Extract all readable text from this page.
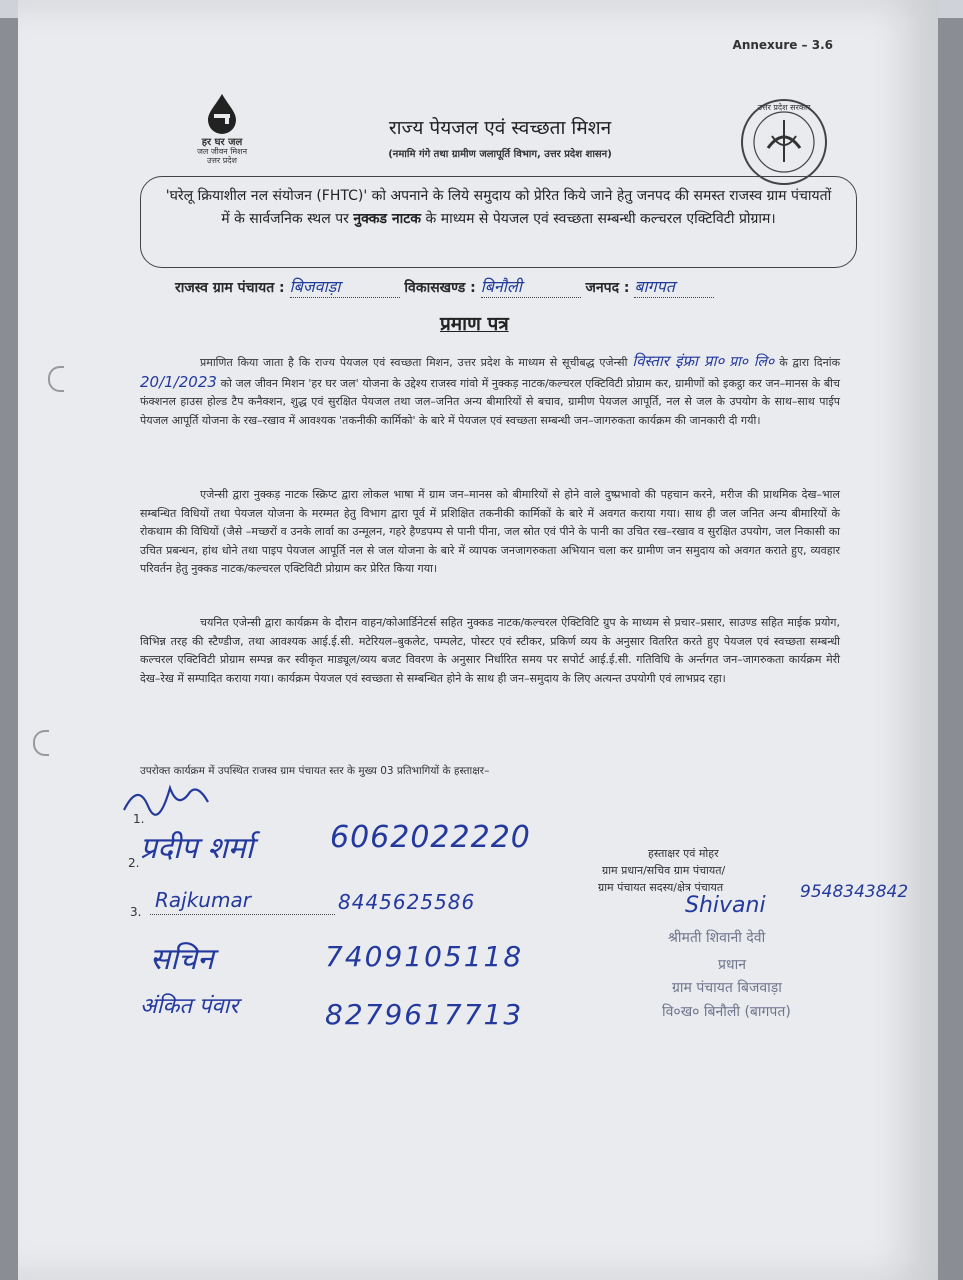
Annexure – 3.6
हर घर जल
जल जीवन मिशन
उत्तर प्रदेश
राज्य पेयजल एवं स्वच्छता मिशन
(नमामि गंगे तथा ग्रामीण जलापूर्ति विभाग, उत्तर प्रदेश शासन)
उत्तर प्रदेश सरकार

'घरेलू क्रियाशील नल संयोजन (FHTC)' को अपनाने के लिये समुदाय को प्रेरित किये जाने हेतु जनपद की समस्त राजस्व ग्राम पंचायतों में के सार्वजनिक स्थल पर नुक्कड नाटक के माध्यम से पेयजल एवं स्वच्छता सम्बन्धी कल्चरल एक्टिविटी प्रोग्राम।

राजस्व ग्राम पंचायत : बिजवाड़ा	विकासखण्ड : बिनौली	जनपद : बागपत
प्रमाण पत्र
प्रमाणित किया जाता है कि राज्य पेयजल एवं स्वच्छता मिशन, उत्तर प्रदेश के माध्यम से सूचीबद्ध एजेन्सी विस्तार इंफ्रा प्रा० प्रा० लि० के द्वारा दिनांक 20/1/2023 को जल जीवन मिशन 'हर घर जल' योजना के उद्देश्य राजस्व गांवो में नुक्कड़ नाटक/कल्चरल एक्टिविटी प्रोग्राम कर, ग्रामीणों को इकट्ठा कर जन–मानस के बीच फंक्शनल हाउस होल्ड टैप कनैक्शन, शुद्ध एवं सुरक्षित पेयजल तथा जल–जनित अन्य बीमारियों से बचाव, ग्रामीण पेयजल आपूर्ति, नल से जल के उपयोग के साथ–साथ पाईप पेयजल आपूर्ति योजना के रख–रखाव में आवश्यक 'तकनीकी कार्मिको' के बारे में पेयजल एवं स्वच्छता सम्बन्धी जन–जागरुकता कार्यक्रम की जानकारी दी गयी।
एजेन्सी द्वारा नुक्कड़ नाटक स्क्रिप्ट द्वारा लोकल भाषा में ग्राम जन–मानस को बीमारियों से होने वाले दुष्प्रभावो की पहचान करने, मरीज की प्राथमिक देख–भाल सम्बन्धित विधियों तथा पेयजल योजना के मरम्मत हेतु विभाग द्वारा पूर्व में प्रशिक्षित तकनीकी कार्मिकों के बारे में अवगत कराया गया। साथ ही जल जनित अन्य बीमारियों के रोकथाम की विधियों (जैसे –मच्छरों व उनके लार्वा का उन्मूलन, गहरे हैण्डपम्प से पानी पीना, जल स्रोत एवं पीने के पानी का उचित रख–रखाव व सुरक्षित उपयोग, जल निकासी का उचित प्रबन्धन, हांथ धोने तथा पाइप पेयजल आपूर्ति नल से जल योजना के बारे में व्यापक जनजागरुकता अभियान चला कर ग्रामीण जन समुदाय को अवगत कराते हुए, व्यवहार परिवर्तन हेतु नुक्कड नाटक/कल्चरल एक्टिविटी प्रोग्राम कर प्रेरित किया गया।
चयनित एजेन्सी द्वारा कार्यक्रम के दौरान वाहन/कोआर्डिनेटर्स सहित नुक्कड नाटक/कल्चरल ऐक्टिविटि ग्रुप के माध्यम से प्रचार–प्रसार, साउण्ड सहित माईक प्रयोग, विभिन्न तरह की स्टैण्डीज, तथा आवश्यक आई.ई.सी. मटेरियल–बुकलेट, पम्पलेट, पोस्टर एवं स्टीकर, प्रकिर्ण व्यय के अनुसार वितरित करते हुए पेयजल एवं स्वच्छता सम्बन्धी कल्चरल एक्टिविटी प्रोग्राम सम्पन्न कर स्वीकृत माड्यूल/व्यय बजट विवरण के अनुसार निर्धारित समय पर सपोर्ट आई.ई.सी. गतिविधि के अर्न्तगत जन–जागरुकता कार्यक्रम मेरी देख–रेख में सम्पादित कराया गया। कार्यक्रम पेयजल एवं स्वच्छता से सम्बन्धित होने के साथ ही जन–समुदाय के लिए अत्यन्त उपयोगी एवं लाभप्रद रहा।
उपरोक्त कार्यक्रम में उपस्थित राजस्व ग्राम पंचायत स्तर के मुख्य 03 प्रतिभागियों के हस्ताक्षर–
1.
2.
3.
प्रदीप शर्मा	6062022220
Rajkumar	8445625586
सचिन	7409105118
अंकित पंवार	8279617713
हस्ताक्षर एवं मोहर
ग्राम प्रधान/सचिव ग्राम पंचायत/
ग्राम पंचायत सदस्य/क्षेत्र पंचायत
Shivani
9548343842
श्रीमती शिवानी देवी
प्रधान
ग्राम पंचायत बिजवाड़ा
वि०ख० बिनौली (बागपत)
